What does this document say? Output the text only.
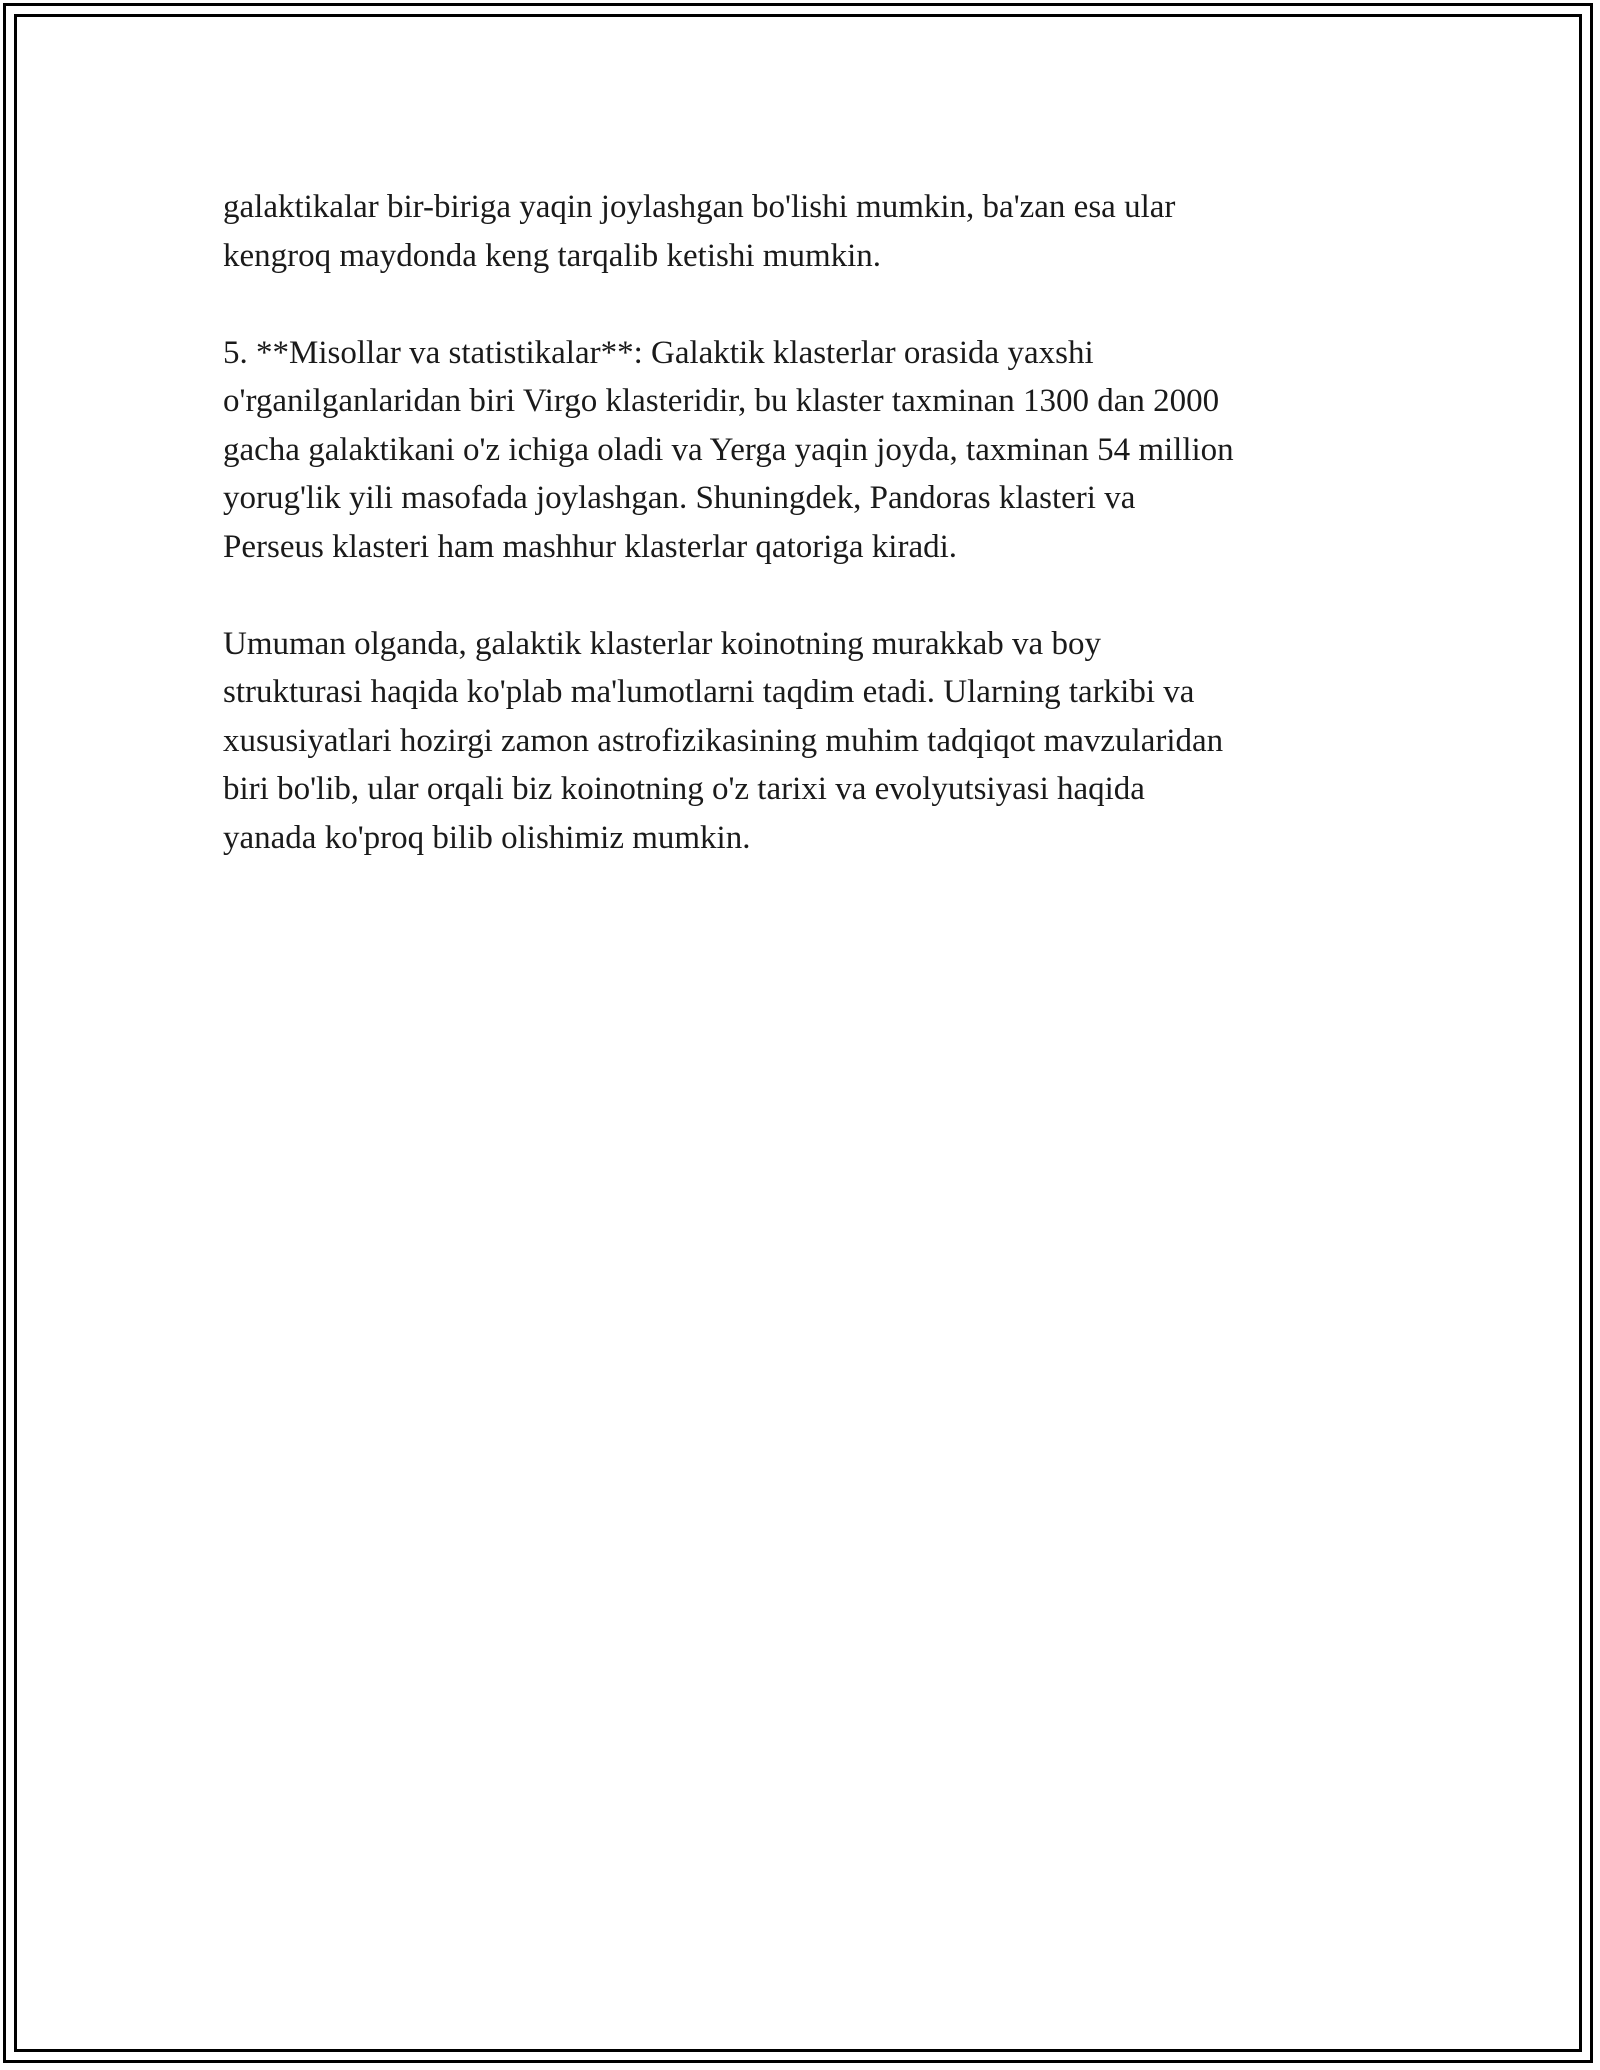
galaktikalar bir-biriga yaqin joylashgan bo'lishi mumkin, ba'zan esa ular
kengroq maydonda keng tarqalib ketishi mumkin.

5. **Misollar va statistikalar**: Galaktik klasterlar orasida yaxshi
o'rganilganlaridan biri Virgo klasteridir, bu klaster taxminan 1300 dan 2000
gacha galaktikani o'z ichiga oladi va Yerga yaqin joyda, taxminan 54 million
yorug'lik yili masofada joylashgan. Shuningdek, Pandoras klasteri va
Perseus klasteri ham mashhur klasterlar qatoriga kiradi.

Umuman olganda, galaktik klasterlar koinotning murakkab va boy
strukturasi haqida ko'plab ma'lumotlarni taqdim etadi. Ularning tarkibi va
xususiyatlari hozirgi zamon astrofizikasining muhim tadqiqot mavzularidan
biri bo'lib, ular orqali biz koinotning o'z tarixi va evolyutsiyasi haqida
yanada ko'proq bilib olishimiz mumkin.
